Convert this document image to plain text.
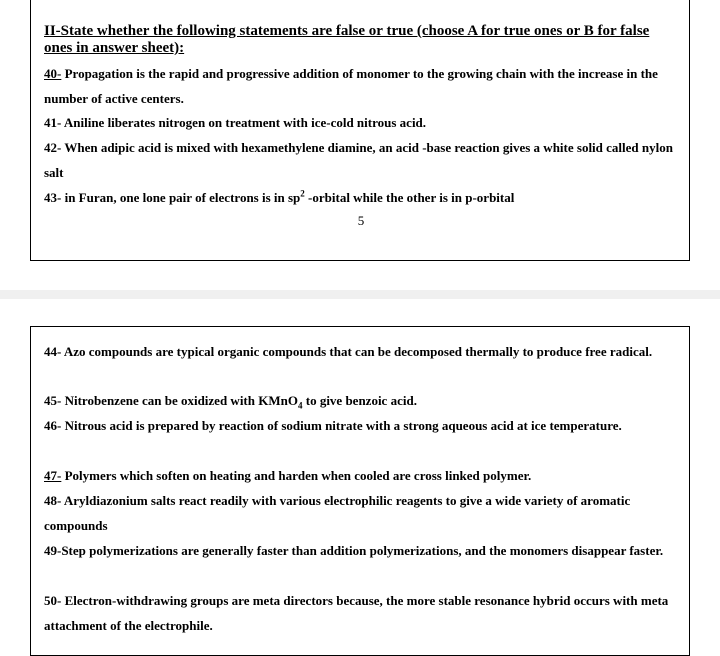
II-State whether the following statements are false or true (choose A for true ones or B for false ones in answer sheet):
40- Propagation is the rapid and progressive addition of monomer to the growing chain with the increase in the number of active centers.
41- Aniline liberates nitrogen on treatment with ice-cold nitrous acid.
42- When adipic acid is mixed with hexamethylene diamine, an acid -base reaction gives a white solid called nylon salt
43- in Furan, one lone pair of electrons is in $sp^2$ -orbital while the other is in p-orbital
5
44- Azo compounds are typical organic compounds that can be decomposed thermally to produce free radical.
45- Nitrobenzene can be oxidized with KMnO$_4$ to give benzoic acid.
46- Nitrous acid is prepared by reaction of sodium nitrate with a strong aqueous acid at ice temperature.
47- Polymers which soften on heating and harden when cooled are cross linked polymer.
48- Aryldiazonium salts react readily with various electrophilic reagents to give a wide variety of aromatic compounds
49-Step polymerizations are generally faster than addition polymerizations, and the monomers disappear faster.
50- Electron-withdrawing groups are meta directors because, the more stable resonance hybrid occurs with meta attachment of the electrophile.
